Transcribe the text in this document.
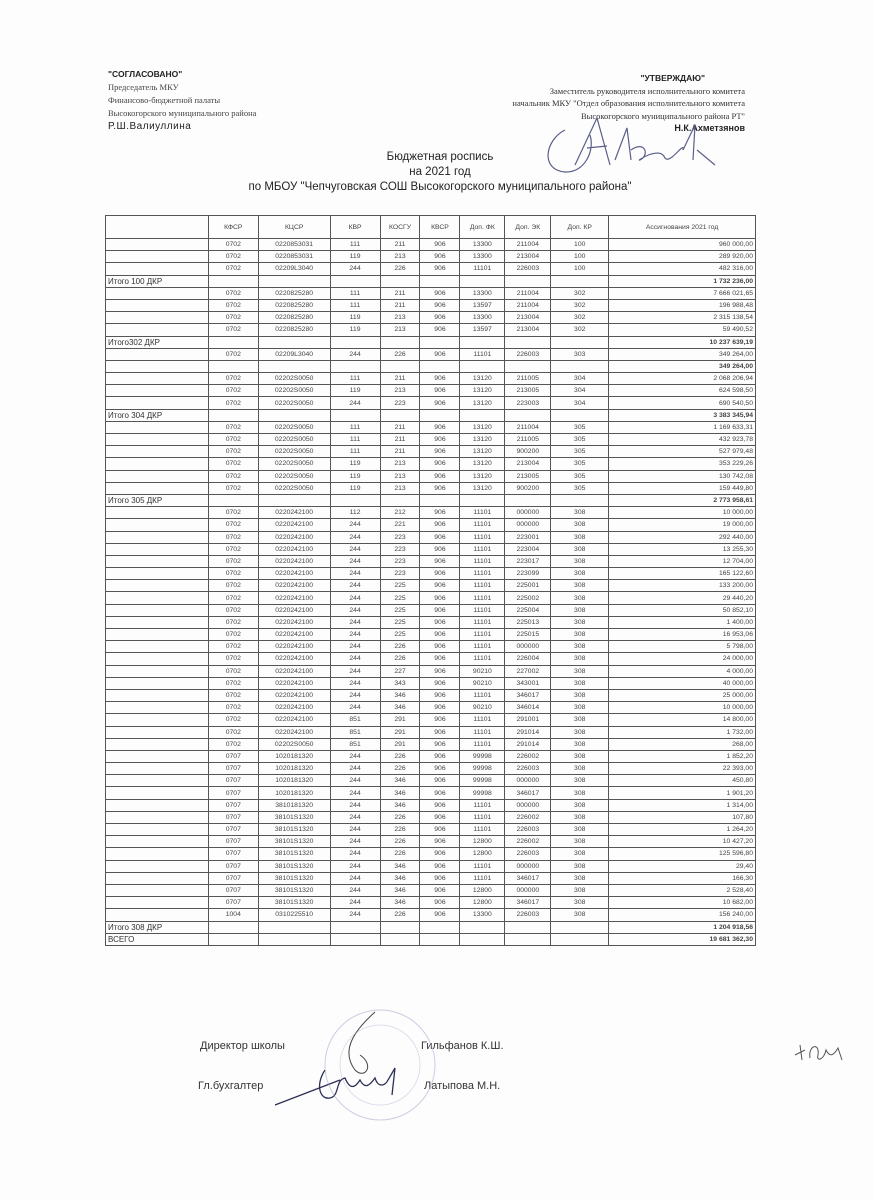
"СОГЛАСОВАНО"
Председатель МКУ
Финансово-бюджетной палаты
Высокогорского муниципального района
Р.Ш.Валиуллина
"УТВЕРЖДАЮ"
Заместитель руководителя исполнительного комитета
начальник МКУ "Отдел образования исполнительного комитета
Высокогорского муниципального района РТ"
Н.К.Ахметзянов
Бюджетная роспись
на 2021 год
по МБОУ "Чепчуговская СОШ Высокогорского муниципального района"
	КФСР	КЦСР	КВР	КОСГУ	КВСР	Доп. ФК	Доп. ЭК	Доп. КР	Ассигнования 2021 год
	0702	0220853031	111	211	906	13300	211004	100	960 000,00
	0702	0220853031	119	213	906	13300	213004	100	289 920,00
	0702	02209L3040	244	226	906	11101	226003	100	482 316,00
Итого 100 ДКР									1 732 236,00
	0702	0220825280	111	211	906	13300	211004	302	7 666 021,65
	0702	0220825280	111	211	906	13597	211004	302	196 988,48
	0702	0220825280	119	213	906	13300	213004	302	2 315 138,54
	0702	0220825280	119	213	906	13597	213004	302	59 490,52
Итого302 ДКР									10 237 639,19
	0702	02209L3040	244	226	906	11101	226003	303	349 264,00
									349 264,00
	0702	02202S0050	111	211	906	13120	211005	304	2 068 206,94
	0702	02202S0050	119	213	906	13120	213005	304	624 598,50
	0702	02202S0050	244	223	906	13120	223003	304	690 540,50
Итого 304 ДКР									3 383 345,94
	0702	02202S0050	111	211	906	13120	211004	305	1 169 633,31
	0702	02202S0050	111	211	906	13120	211005	305	432 923,78
	0702	02202S0050	111	211	906	13120	900200	305	527 979,48
	0702	02202S0050	119	213	906	13120	213004	305	353 229,26
	0702	02202S0050	119	213	906	13120	213005	305	130 742,08
	0702	02202S0050	119	213	906	13120	900200	305	159 449,80
Итого 305 ДКР									2 773 958,61
	0702	0220242100	112	212	906	11101	000000	308	10 000,00
	0702	0220242100	244	221	906	11101	000000	308	19 000,00
	0702	0220242100	244	223	906	11101	223001	308	292 440,00
	0702	0220242100	244	223	906	11101	223004	308	13 255,30
	0702	0220242100	244	223	906	11101	223017	308	12 704,00
	0702	0220242100	244	223	906	11101	223099	308	165 122,60
	0702	0220242100	244	225	906	11101	225001	308	133 200,00
	0702	0220242100	244	225	906	11101	225002	308	29 440,20
	0702	0220242100	244	225	906	11101	225004	308	50 852,10
	0702	0220242100	244	225	906	11101	225013	308	1 400,00
	0702	0220242100	244	225	906	11101	225015	308	16 953,06
	0702	0220242100	244	226	906	11101	000000	308	5 798,00
	0702	0220242100	244	226	906	11101	226004	308	24 000,00
	0702	0220242100	244	227	906	90210	227002	308	4 000,00
	0702	0220242100	244	343	906	90210	343001	308	40 000,00
	0702	0220242100	244	346	906	11101	346017	308	25 000,00
	0702	0220242100	244	346	906	90210	346014	308	10 000,00
	0702	0220242100	851	291	906	11101	291001	308	14 800,00
	0702	0220242100	851	291	906	11101	291014	308	1 732,00
	0702	02202S0050	851	291	906	11101	291014	308	268,00
	0707	1020181320	244	226	906	99998	226002	308	1 852,20
	0707	1020181320	244	226	906	99998	226003	308	22 393,00
	0707	1020181320	244	346	906	99998	000000	308	450,80
	0707	1020181320	244	346	906	99998	346017	308	1 901,20
	0707	3810181320	244	346	906	11101	000000	308	1 314,00
	0707	38101S1320	244	226	906	11101	226002	308	107,80
	0707	38101S1320	244	226	906	11101	226003	308	1 264,20
	0707	38101S1320	244	226	906	12800	226002	308	10 427,20
	0707	38101S1320	244	226	906	12800	226003	308	125 596,80
	0707	38101S1320	244	346	906	11101	000000	308	29,40
	0707	38101S1320	244	346	906	11101	346017	308	166,30
	0707	38101S1320	244	346	906	12800	000000	308	2 528,40
	0707	38101S1320	244	346	906	12800	346017	308	10 682,00
	1004	0310225510	244	226	906	13300	226003	308	156 240,00
Итого 308 ДКР									1 204 918,56
ВСЕГО									19 681 362,30
Директор школы	Гильфанов К.Ш.
Гл.бухгалтер	Латыпова М.Н.
